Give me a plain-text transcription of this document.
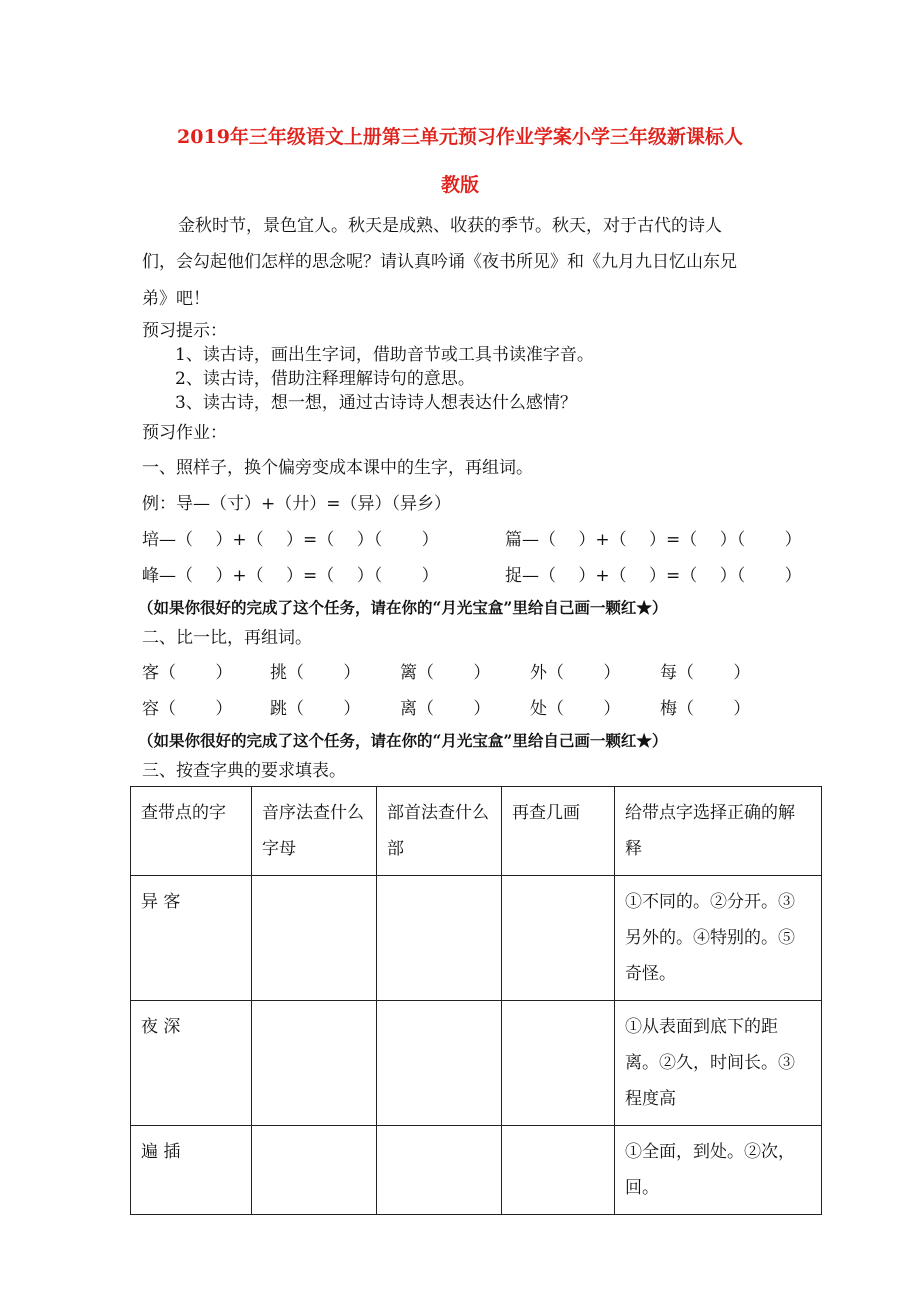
2019年三年级语文上册第三单元预习作业学案小学三年级新课标人
教版
金秋时节，景色宜人。秋天是成熟、收获的季节。秋天，对于古代的诗人
们，会勾起他们怎样的思念呢？请认真吟诵《夜书所见》和《九月九日忆山东兄
弟》吧！
预习提示：
1、读古诗，画出生字词，借助音节或工具书读准字音。
2、读古诗，借助注释理解诗句的意思。
3、读古诗，想一想，通过古诗诗人想表达什么感情？
预习作业：
一、照样子，换个偏旁变成本课中的生字，再组词。
例：导—（寸）+（廾）=（异）（异乡）
培—（　 ）+（　 ）=（　 ）（　　 ）	篇—（　 ）+（　 ）=（　 ）（　　 ）
峰—（　 ）+（　 ）=（　 ）（　　 ）	捉—（　 ）+（　 ）=（　 ）（　　 ）
（如果你很好的完成了这个任务，请在你的“月光宝盒”里给自己画一颗红★）
二、比一比，再组词。
客（　　 ） 挑（　　 ） 篱（　　 ） 外（　　 ） 每（　　 ）
容（　　 ） 跳（　　 ） 离（　　 ） 处（　　 ） 梅（　　 ）
（如果你很好的完成了这个任务，请在你的“月光宝盒”里给自己画一颗红★）
三、按查字典的要求填表。
查带点的字	音序法查什么字母	部首法查什么部	再查几画	给带点字选择正确的解释
异 客				①不同的。②分开。③另外的。④特别的。⑤奇怪。
夜 深				①从表面到底下的距离。②久，时间长。③程度高
遍 插				①全面，到处。②次，回。
